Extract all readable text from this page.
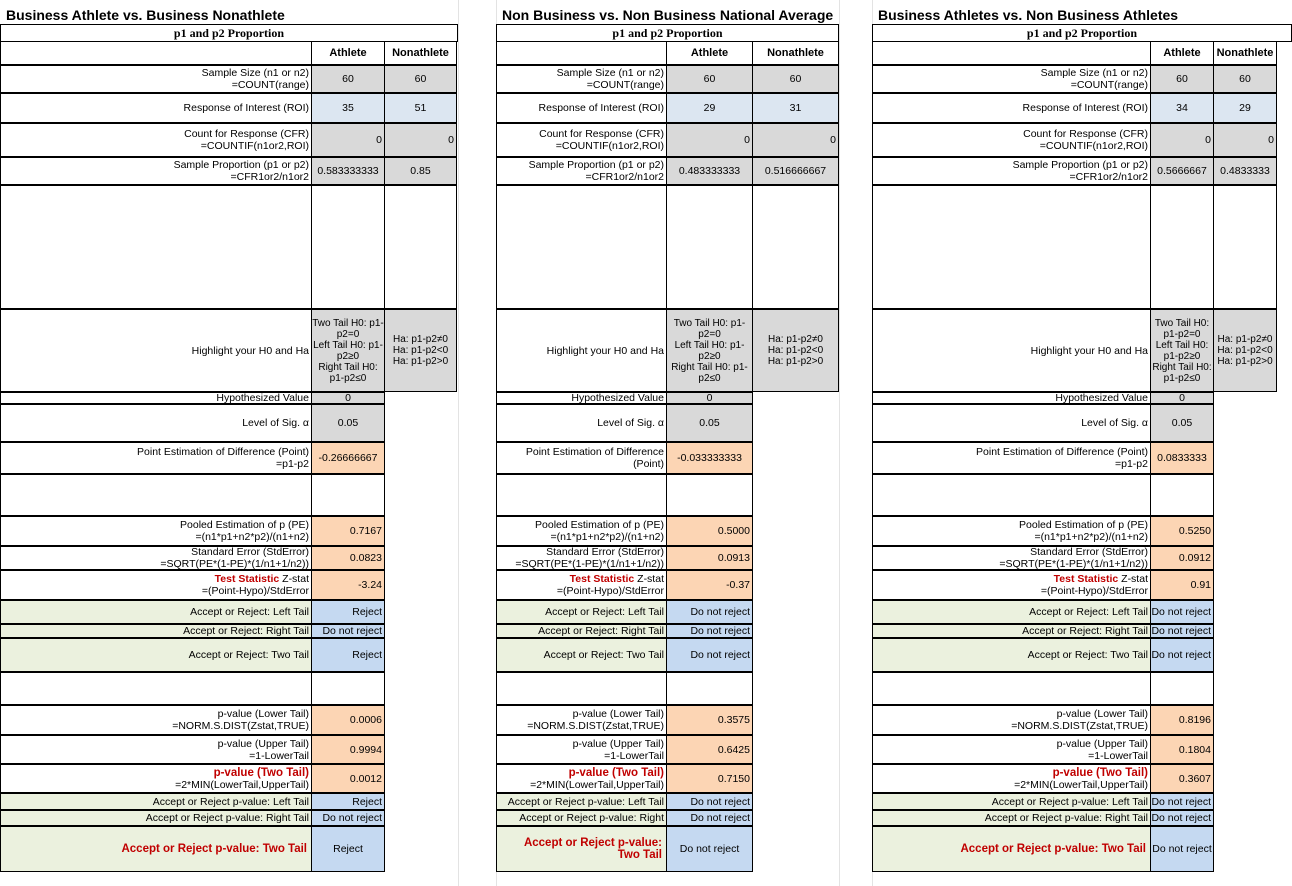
Business Athlete vs. Business Nonathlete
p1 and p2 Proportion
Athlete Nonathlete
Sample Size (n1 or n2)
=COUNT(range)	60	60
Response of Interest (ROI)	35	51
Count for Response (CFR)
=COUNTIF(n1or2,ROI)	0	0
Sample Proportion (p1 or p2)
=CFR1or2/n1or2 0.583333333	0.85
Highlight your H0 and Ha
Two Tail H0: p1-p2=0
Left Tail H0: p1-p2≥0
Right Tail H0: p1-p2≤0
Ha: p1-p2≠0
Ha: p1-p2<0
Ha: p1-p2>0
Hypothesized Value	0
Level of Sig. α	0.05
Point Estimation of Difference (Point)
=p1-p2 -0.26666667
Pooled Estimation of p (PE)
=(n1*p1+n2*p2)/(n1+n2)	0.7167
Standard Error (StdError)
=SQRT(PE*(1-PE)*(1/n1+1/n2))	0.0823
Test Statistic Z-stat
=(Point-Hypo)/StdError	-3.24
Accept or Reject: Left Tail	Reject
Accept or Reject: Right Tail Do not reject
Accept or Reject: Two Tail	Reject
p-value (Lower Tail)
=NORM.S.DIST(Zstat,TRUE)	0.0006
p-value (Upper Tail)
=1-LowerTail	0.9994
p-value (Two Tail)
=2*MIN(LowerTail,UpperTail)	0.0012
Accept or Reject p-value: Left Tail	Reject
Accept or Reject p-value: Right Tail Do not reject
Accept or Reject p-value: Two Tail Reject
Non Business vs. Non Business National Average
p1 and p2 Proportion
Athlete	Nonathlete
Sample Size (n1 or n2)
=COUNT(range)	60	60
Response of Interest (ROI)	29	31
Count for Response (CFR)
=COUNTIF(n1or2,ROI)	0	0
Sample Proportion (p1 or p2)
=CFR1or2/n1or2 0.483333333 0.516666667
Highlight your H0 and Ha
Two Tail H0: p1-p2=0
Left Tail H0: p1-p2≥0
Right Tail H0: p1-p2≤0
Ha: p1-p2≠0
Ha: p1-p2<0
Ha: p1-p2>0
Hypothesized Value	0
Level of Sig. α	0.05
Point Estimation of Difference
(Point) -0.033333333
Pooled Estimation of p (PE)
=(n1*p1+n2*p2)/(n1+n2)	0.5000
Standard Error (StdError)
=SQRT(PE*(1-PE)*(1/n1+1/n2))	0.0913
Test Statistic Z-stat
=(Point-Hypo)/StdError	-0.37
Accept or Reject: Left Tail	Do not reject
Accept or Reject: Right Tail	Do not reject
Accept or Reject: Two Tail	Do not reject
p-value (Lower Tail)
=NORM.S.DIST(Zstat,TRUE)	0.3575
p-value (Upper Tail)
=1-LowerTail	0.6425
p-value (Two Tail)
=2*MIN(LowerTail,UpperTail)	0.7150
Accept or Reject p-value: Left Tail	Do not reject
Accept or Reject p-value: Right	Do not reject
Accept or Reject p-value:
Two Tail Do not reject
Business Athletes vs. Non Business Athletes
p1 and p2 Proportion
Athlete Nonathlete
Sample Size (n1 or n2)
=COUNT(range)	60	60
Response of Interest (ROI)	34	29
Count for Response (CFR)
=COUNTIF(n1or2,ROI)	0	0
Sample Proportion (p1 or p2)
=CFR1or2/n1or2 0.5666667 0.4833333
Highlight your H0 and Ha
Two Tail H0: p1-p2=0
Left Tail H0: p1-p2≥0
Right Tail H0: p1-p2≤0
Ha: p1-p2≠0
Ha: p1-p2<0
Ha: p1-p2>0
Hypothesized Value	0
Level of Sig. α 0.05
Point Estimation of Difference (Point)
=p1-p2 0.0833333
Pooled Estimation of p (PE)
=(n1*p1+n2*p2)/(n1+n2)	0.5250
Standard Error (StdError)
=SQRT(PE*(1-PE)*(1/n1+1/n2))	0.0912
Test Statistic Z-stat
=(Point-Hypo)/StdError	0.91
Accept or Reject: Left Tail Do not reject
Accept or Reject: Right Tail Do not reject
Accept or Reject: Two Tail Do not reject
p-value (Lower Tail)
=NORM.S.DIST(Zstat,TRUE)	0.8196
p-value (Upper Tail)
=1-LowerTail	0.1804
p-value (Two Tail)
=2*MIN(LowerTail,UpperTail)	0.3607
Accept or Reject p-value: Left Tail Do not reject
Accept or Reject p-value: Right Tail Do not reject
Accept or Reject p-value: Two Tail Do not reject
